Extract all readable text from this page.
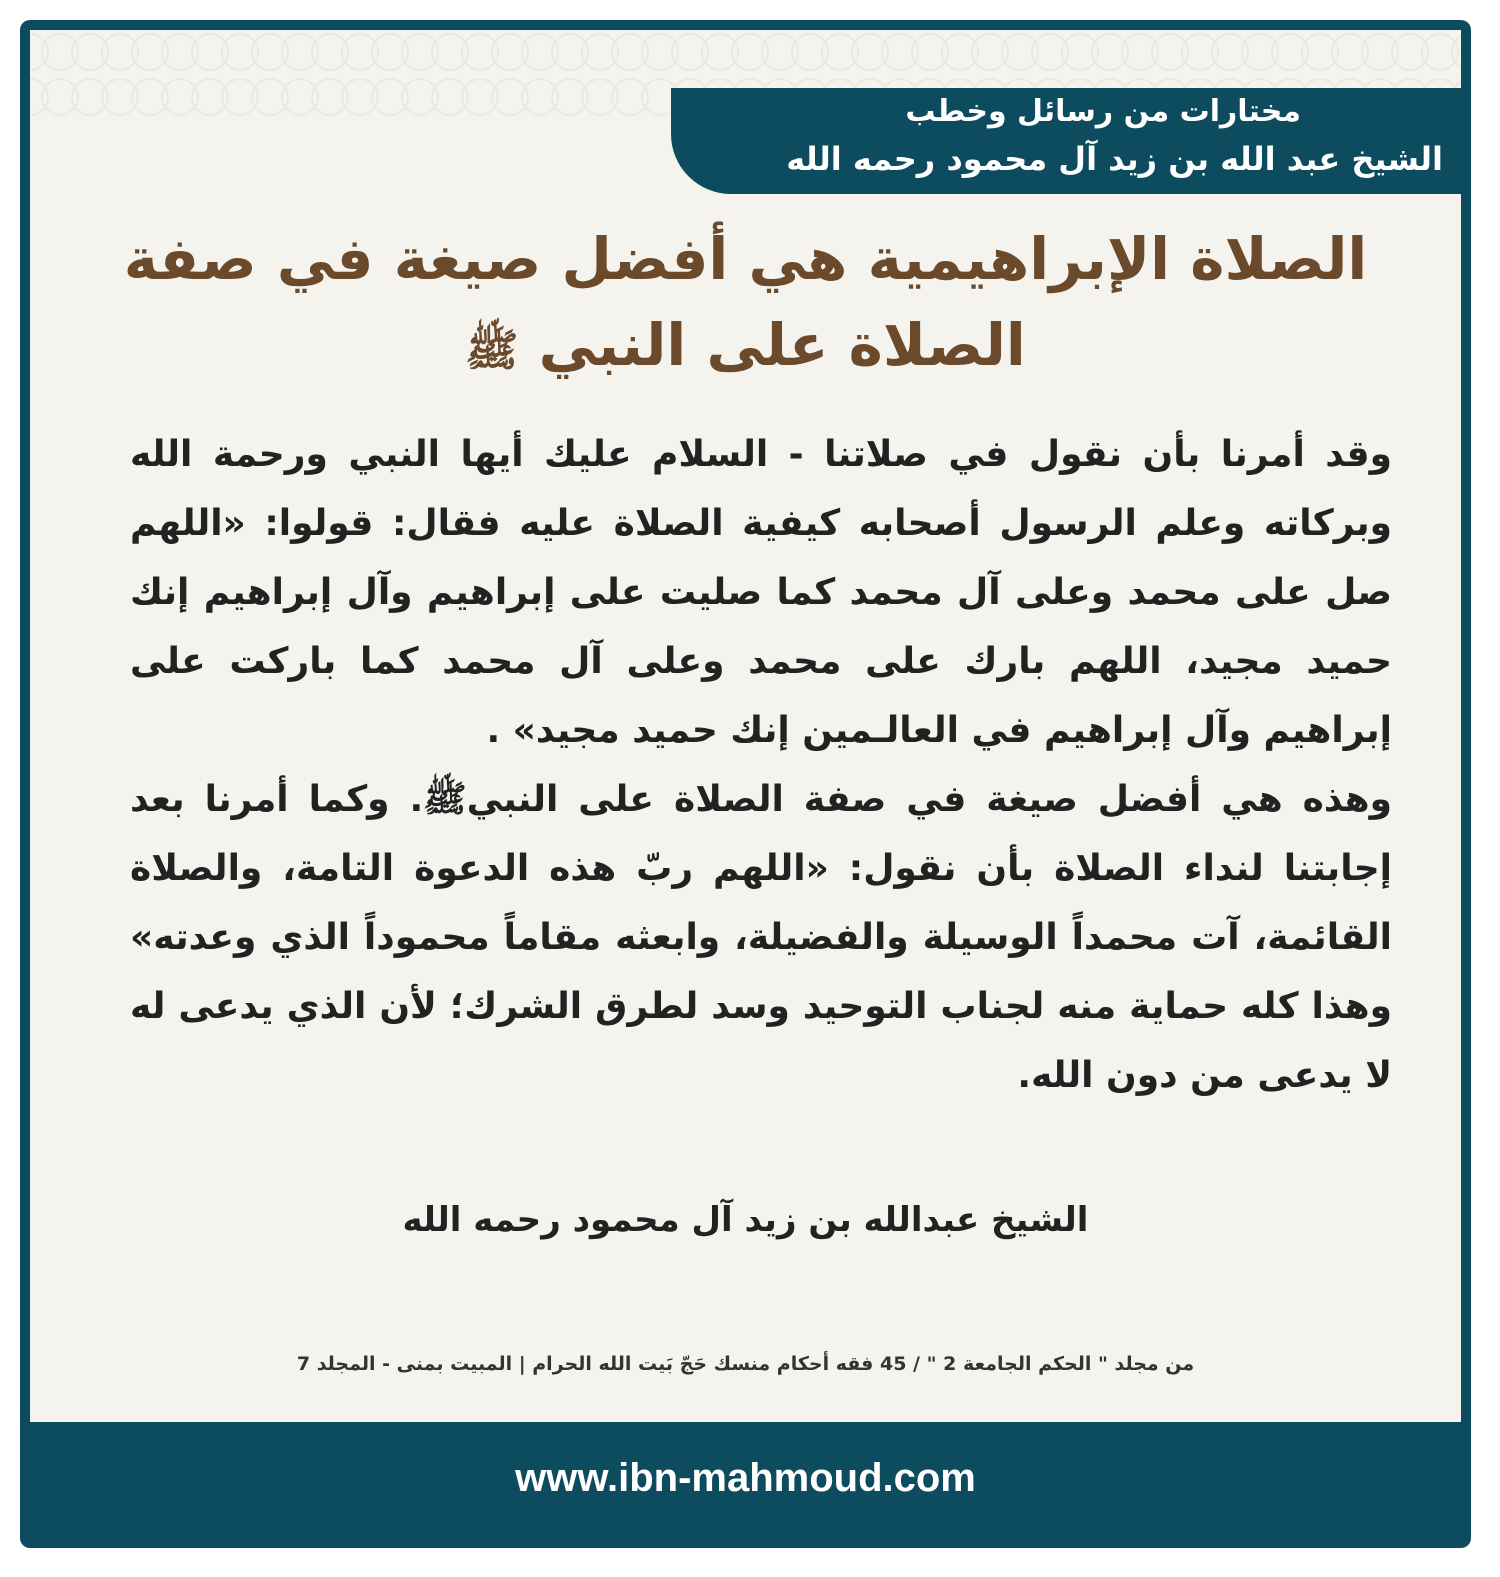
مختارات من رسائل وخطب
الشيخ عبد الله بن زيد آل محمود رحمه الله
الصلاة الإبراهيمية هي أفضل صيغة في صفة
الصلاة على النبي ﷺ

وقد أمرنا بأن نقول في صلاتنا - السلام عليك أيها النبي ورحمة الله وبركاته وعلم الرسول أصحابه كيفية الصلاة عليه فقال: قولوا: «اللهم صل على محمد وعلى آل محمد كما صليت على إبراهيم وآل إبراهيم إنك حميد مجيد، اللهم بارك على محمد وعلى آل محمد كما باركت على إبراهيم وآل إبراهيم في العالـمين إنك حميد مجيد» .

وهذه هي أفضل صيغة في صفة الصلاة على النبيﷺ. وكما أمرنا بعد إجابتنا لنداء الصلاة بأن نقول: «اللهم ربّ هذه الدعوة التامة، والصلاة القائمة، آت محمداً الوسيلة والفضيلة، وابعثه مقاماً محموداً الذي وعدته» وهذا كله حماية منه لجناب التوحيد وسد لطرق الشرك؛ لأن الذي يدعى له لا يدعى من دون الله.

الشيخ عبدالله بن زيد آل محمود رحمه الله
من مجلد " الحكم الجامعة 2 " / 45 فقه أحكام منسك حَجّ بَيت الله الحرام | المبيت بمنى - المجلد 7
www.ibn-mahmoud.com
